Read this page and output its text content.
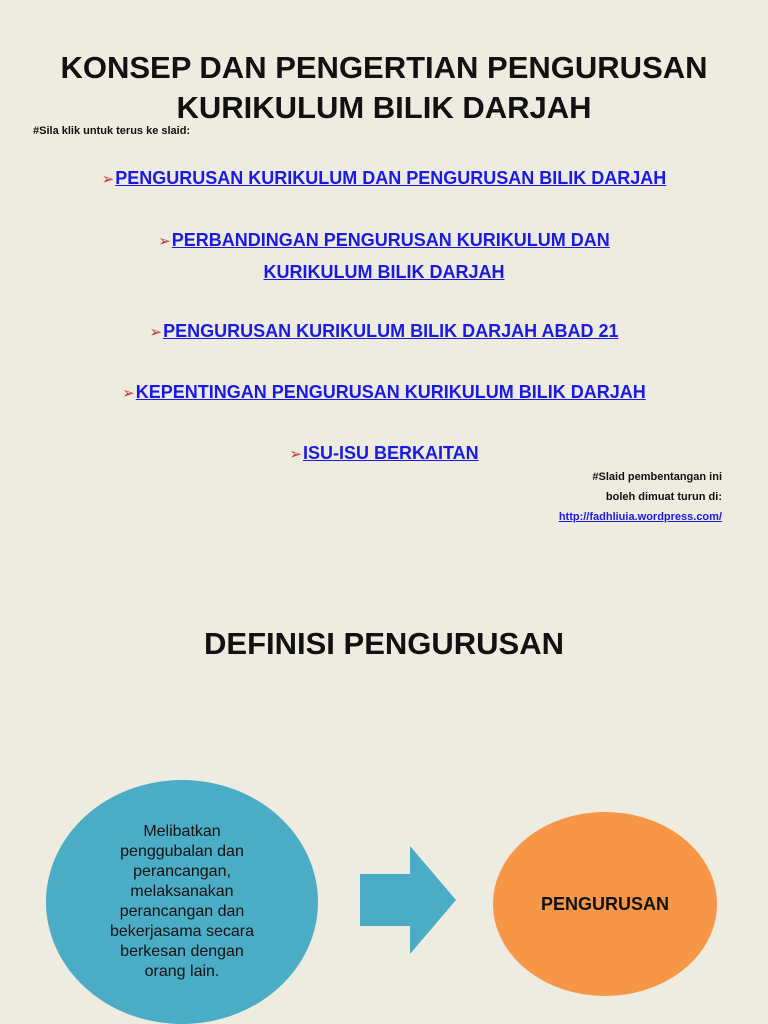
KONSEP DAN PENGERTIAN PENGURUSAN
KURIKULUM BILIK DARJAH
#Sila klik untuk terus ke slaid:
➢PENGURUSAN KURIKULUM DAN PENGURUSAN BILIK DARJAH
➢PERBANDINGAN PENGURUSAN KURIKULUM DAN
KURIKULUM BILIK DARJAH
➢PENGURUSAN KURIKULUM BILIK DARJAH ABAD 21
➢KEPENTINGAN PENGURUSAN KURIKULUM BILIK DARJAH
➢ISU-ISU BERKAITAN
#Slaid pembentangan ini
boleh dimuat turun di:
http://fadhliuia.wordpress.com/
DEFINISI PENGURUSAN
Melibatkan
penggubalan dan
perancangan,
melaksanakan
perancangan dan
bekerjasama secara
berkesan dengan
orang lain.
PENGURUSAN
